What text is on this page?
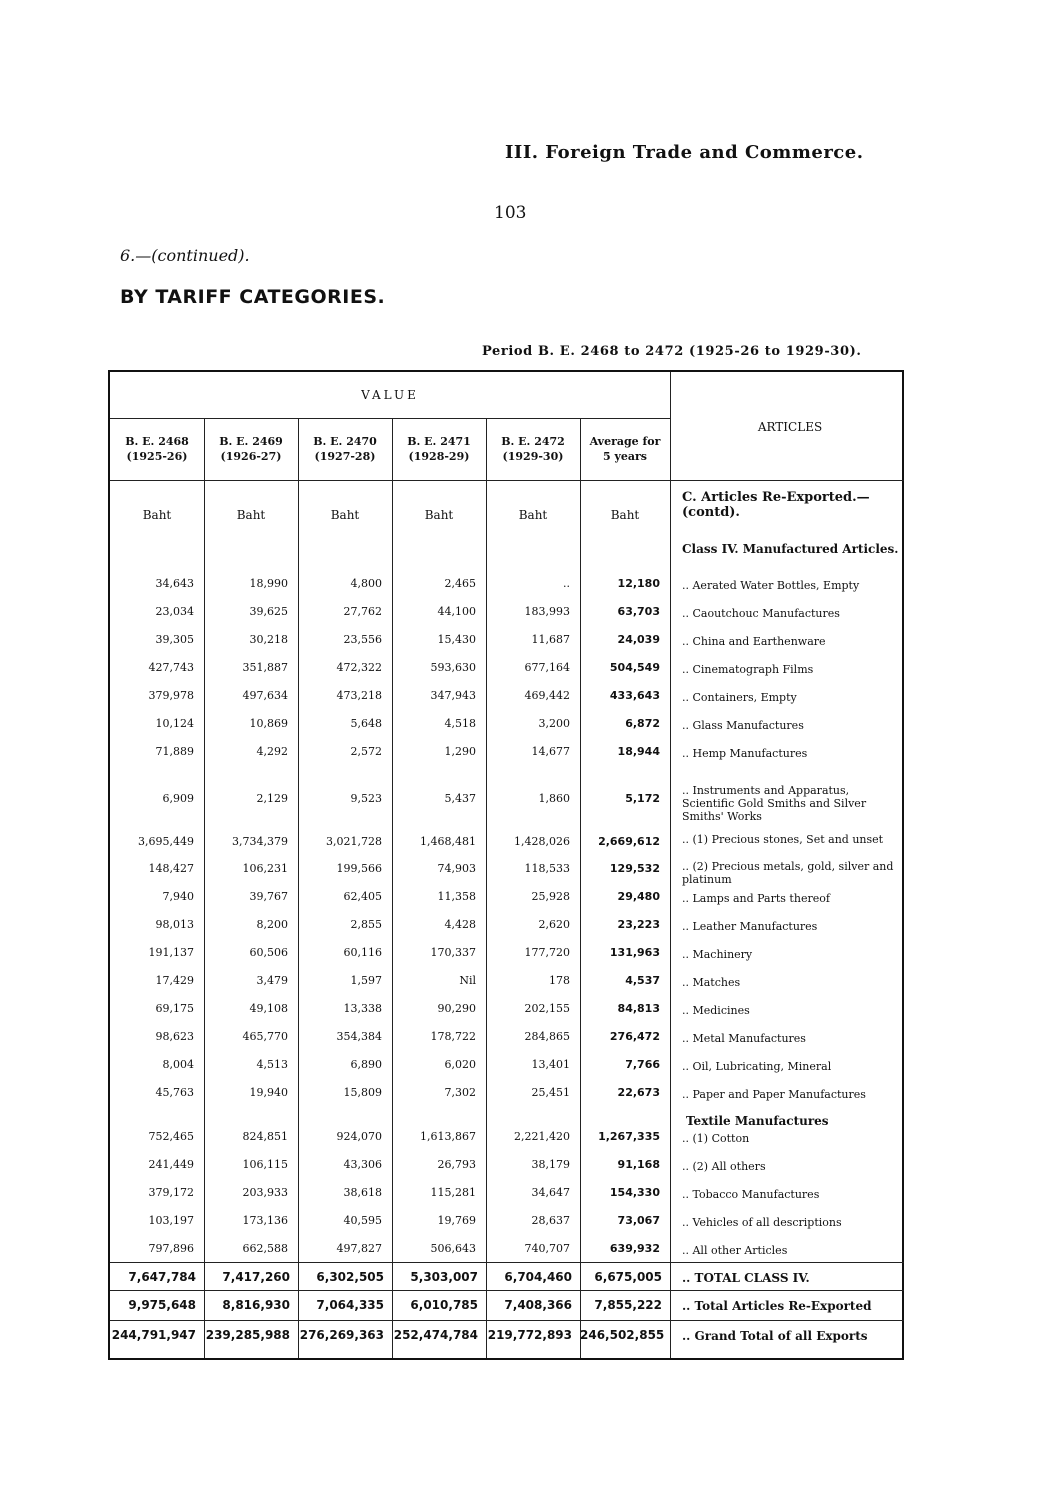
III. Foreign Trade and Commerce.
103
6.—(continued).
BY TARIFF CATEGORIES.
Period B. E. 2468 to 2472 (1925-26 to 1929-30).
VALUE
ARTICLES
C. Articles Re-Exported.—(contd).
Class IV. Manufactured Articles.
Textile Manufactures
B. E. 2468
(1925-26)
Baht
B. E. 2469
(1926-27)
Baht
B. E. 2470
(1927-28)
Baht
B. E. 2471
(1928-29)
Baht
B. E. 2472
(1929-30)
Baht
Average for
5 years
Baht
34,643	18,990	4,800	2,465	..	12,180 .. Aerated Water Bottles, Empty
23,034	39,625	27,762	44,100	183,993	63,703 .. Caoutchouc Manufactures
39,305	30,218	23,556	15,430	11,687	24,039 .. China and Earthenware
427,743	351,887	472,322	593,630	677,164	504,549 .. Cinematograph Films
379,978	497,634	473,218	347,943	469,442	433,643 .. Containers, Empty
10,124	10,869	5,648	4,518	3,200	6,872 .. Glass Manufactures
71,889	4,292	2,572	1,290	14,677	18,944 .. Hemp Manufactures
6,909	2,129	9,523	5,437	1,860	5,172
.. Instruments and Apparatus, Scientific Gold Smiths and Silver Smiths' Works
3,695,449	3,734,379	3,021,728	1,468,481	1,428,026	2,669,612 .. (1) Precious stones, Set and unset
148,427	106,231	199,566	74,903	118,533	129,532 .. (2) Precious metals, gold, silver and platinum
7,940	39,767	62,405	11,358	25,928	29,480 .. Lamps and Parts thereof
98,013	8,200	2,855	4,428	2,620	23,223 .. Leather Manufactures
191,137	60,506	60,116	170,337	177,720	131,963 .. Machinery
17,429	3,479	1,597	Nil	178	4,537 .. Matches
69,175	49,108	13,338	90,290	202,155	84,813 .. Medicines
98,623	465,770	354,384	178,722	284,865	276,472 .. Metal Manufactures
8,004	4,513	6,890	6,020	13,401	7,766 .. Oil, Lubricating, Mineral
45,763	19,940	15,809	7,302	25,451	22,673 .. Paper and Paper Manufactures
752,465	824,851	924,070	1,613,867	2,221,420	1,267,335 .. (1) Cotton
241,449	106,115	43,306	26,793	38,179	91,168 .. (2) All others
379,172	203,933	38,618	115,281	34,647	154,330 .. Tobacco Manufactures
103,197	173,136	40,595	19,769	28,637	73,067 .. Vehicles of all descriptions
797,896	662,588	497,827	506,643	740,707	639,932 .. All other Articles
7,647,784	7,417,260	6,302,505	5,303,007	6,704,460	6,675,005 .. TOTAL CLASS IV.
9,975,648	8,816,930	7,064,335	6,010,785	7,408,366	7,855,222 .. Total Articles Re-Exported
244,791,947 239,285,988 276,269,363 252,474,784 219,772,893 246,502,855 .. Grand Total of all Exports
